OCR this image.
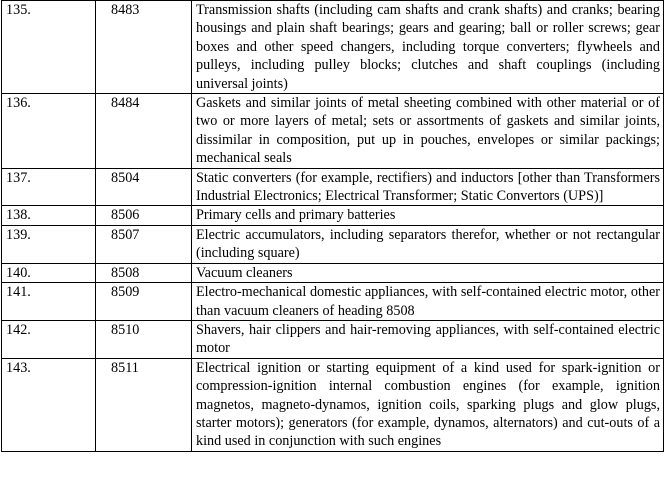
135.	8483	Transmission shafts (including cam shafts and crank shafts) and cranks; bearing housings and plain shaft bearings; gears and gearing; ball or roller screws; gear boxes and other speed changers, including torque converters; flywheels and pulleys, including pulley blocks; clutches and shaft couplings (including universal joints)
136.	8484	Gaskets and similar joints of metal sheeting combined with other material or of two or more layers of metal; sets or assortments of gaskets and similar joints, dissimilar in composition, put up in pouches, envelopes or similar packings; mechanical seals
137.	8504	Static converters (for example, rectifiers) and inductors [other than Transformers Industrial Electronics; Electrical Transformer; Static Convertors (UPS)]
138.	8506	Primary cells and primary batteries
139.	8507	Electric accumulators, including separators therefor, whether or not rectangular (including square)
140.	8508	Vacuum cleaners
141.	8509	Electro-mechanical domestic appliances, with self-contained electric motor, other than vacuum cleaners of heading 8508
142.	8510	Shavers, hair clippers and hair-removing appliances, with self-contained electric motor
143.	8511	Electrical ignition or starting equipment of a kind used for spark-ignition or compression-ignition internal combustion engines (for example, ignition magnetos, magneto-dynamos, ignition coils, sparking plugs and glow plugs, starter motors); generators (for example, dynamos, alternators) and cut-outs of a kind used in conjunction with such engines
